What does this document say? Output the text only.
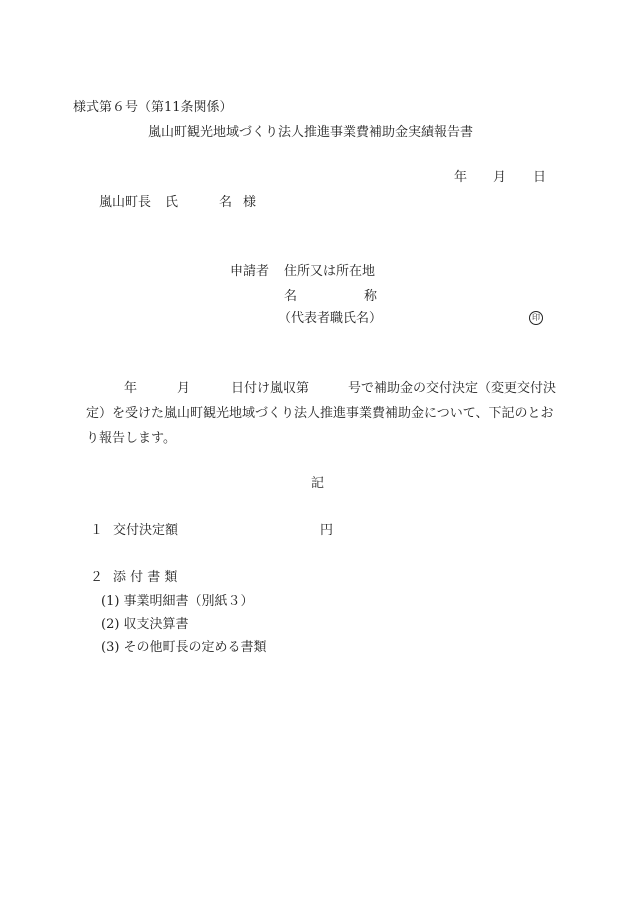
様式第６号（第11条関係）
嵐山町観光地域づくり法人推進事業費補助金実績報告書
年 月 日
嵐山町長 氏	名 様
申請者 住所又は所在地
名	称
（代表者職氏名）	印
年	月	日付け嵐収第	号で補助金の交付決定（変更交付決
定）を受けた嵐山町観光地域づくり法人推進事業費補助金について、下記のとお
り報告します。
記
１ 交付決定額	円
２ 添 付 書 類
(1) 事業明細書（別紙３）
(2) 収支決算書
(3) その他町長の定める書類
